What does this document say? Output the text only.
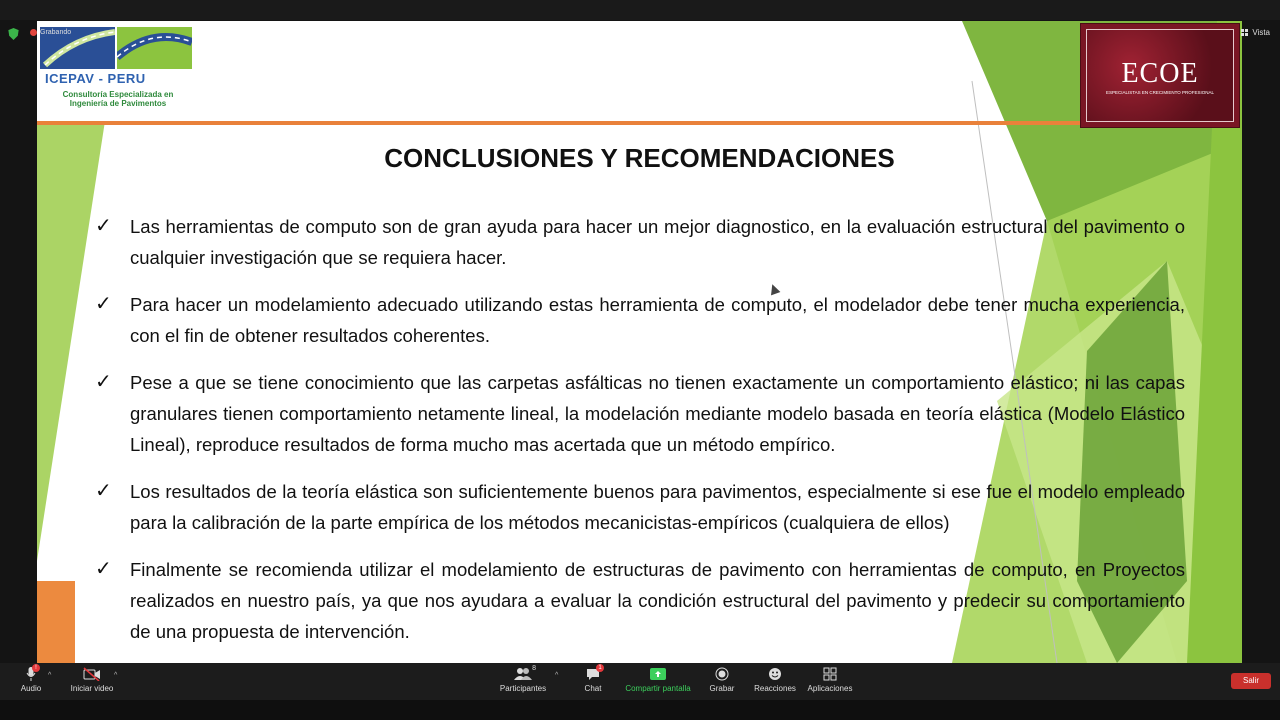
ICEPAV - PERU
Consultoría Especializada en Ingeniería de Pavimentos
ECOE
ESPECIALISTAS EN CRECIMIENTO PROFESIONAL
CONCLUSIONES Y RECOMENDACIONES
✓ Las herramientas de computo son de gran ayuda para hacer un mejor diagnostico, en la evaluación estructural del pavimento o cualquier investigación que se requiera hacer.
✓ Para hacer un modelamiento adecuado utilizando estas herramienta de computo, el modelador debe tener mucha experiencia, con el fin de obtener resultados coherentes.
✓ Pese a que se tiene conocimiento que las carpetas asfálticas no tienen exactamente un comportamiento elástico; ni las capas granulares tienen comportamiento netamente lineal, la modelación mediante modelo basada en teoría elástica (Modelo Elástico Lineal), reproduce resultados de forma mucho mas acertada que un método empírico.
✓ Los resultados de la teoría elástica son suficientemente buenos para pavimentos, especialmente si ese fue el modelo empleado para la calibración de la parte empírica de los métodos mecanicistas-empíricos (cualquiera de ellos)
✓ Finalmente se recomienda utilizar el modelamiento de estructuras de pavimento con herramientas de computo, en Proyectos realizados en nuestro país, ya que nos ayudara a evaluar la condición estructural del pavimento y predecir su comportamiento de una propuesta de intervención.
Grabando	Vista
!
Audio
^
Iniciar video
^
8
Participantes
^
1
Chat	Compartir pantalla	Grabar	Reacciones	Aplicaciones
Salir
